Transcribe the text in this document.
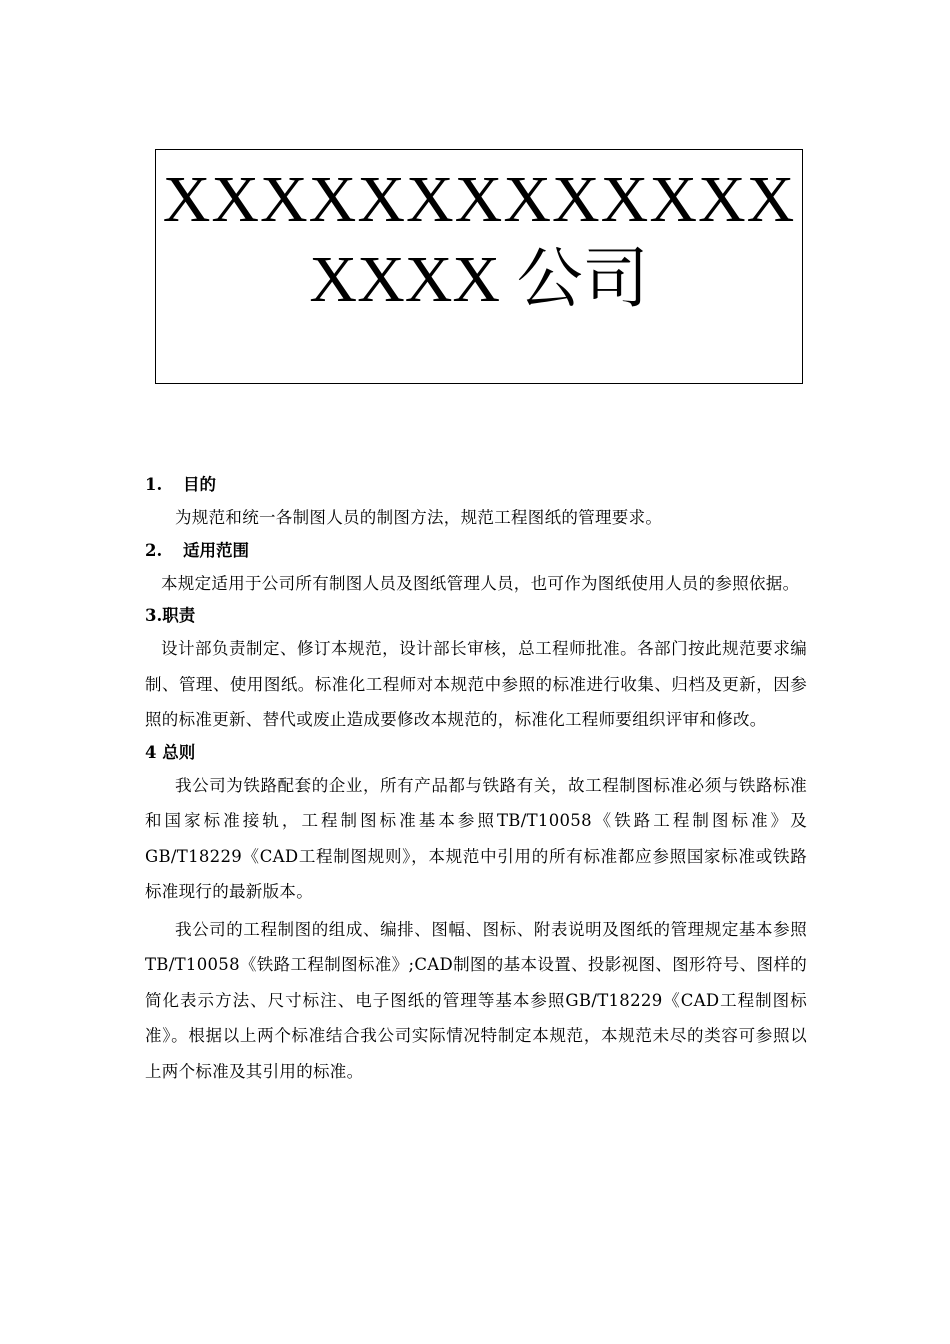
XXXXXXXXXXXXX
XXXX 公司
1. 目的

为规范和统一各制图人员的制图方法，规范工程图纸的管理要求。

2. 适用范围

本规定适用于公司所有制图人员及图纸管理人员，也可作为图纸使用人员的参照依据。

3.职责

设计部负责制定、修订本规范，设计部长审核，总工程师批准。各部门按此规范要求编制、管理、使用图纸。标准化工程师对本规范中参照的标准进行收集、归档及更新，因参照的标准更新、替代或废止造成要修改本规范的，标准化工程师要组织评审和修改。

4 总则

我公司为铁路配套的企业，所有产品都与铁路有关，故工程制图标准必须与铁路标准和国家标准接轨，工程制图标准基本参照TB/T10058《铁路工程制图标准》及GB/T18229《CAD工程制图规则》，本规范中引用的所有标准都应参照国家标准或铁路标准现行的最新版本。

我公司的工程制图的组成、编排、图幅、图标、附表说明及图纸的管理规定基本参照TB/T10058《铁路工程制图标准》;CAD制图的基本设置、投影视图、图形符号、图样的简化表示方法、尺寸标注、电子图纸的管理等基本参照GB/T18229《CAD工程制图标准》。根据以上两个标准结合我公司实际情况特制定本规范，本规范未尽的类容可参照以上两个标准及其引用的标准。
